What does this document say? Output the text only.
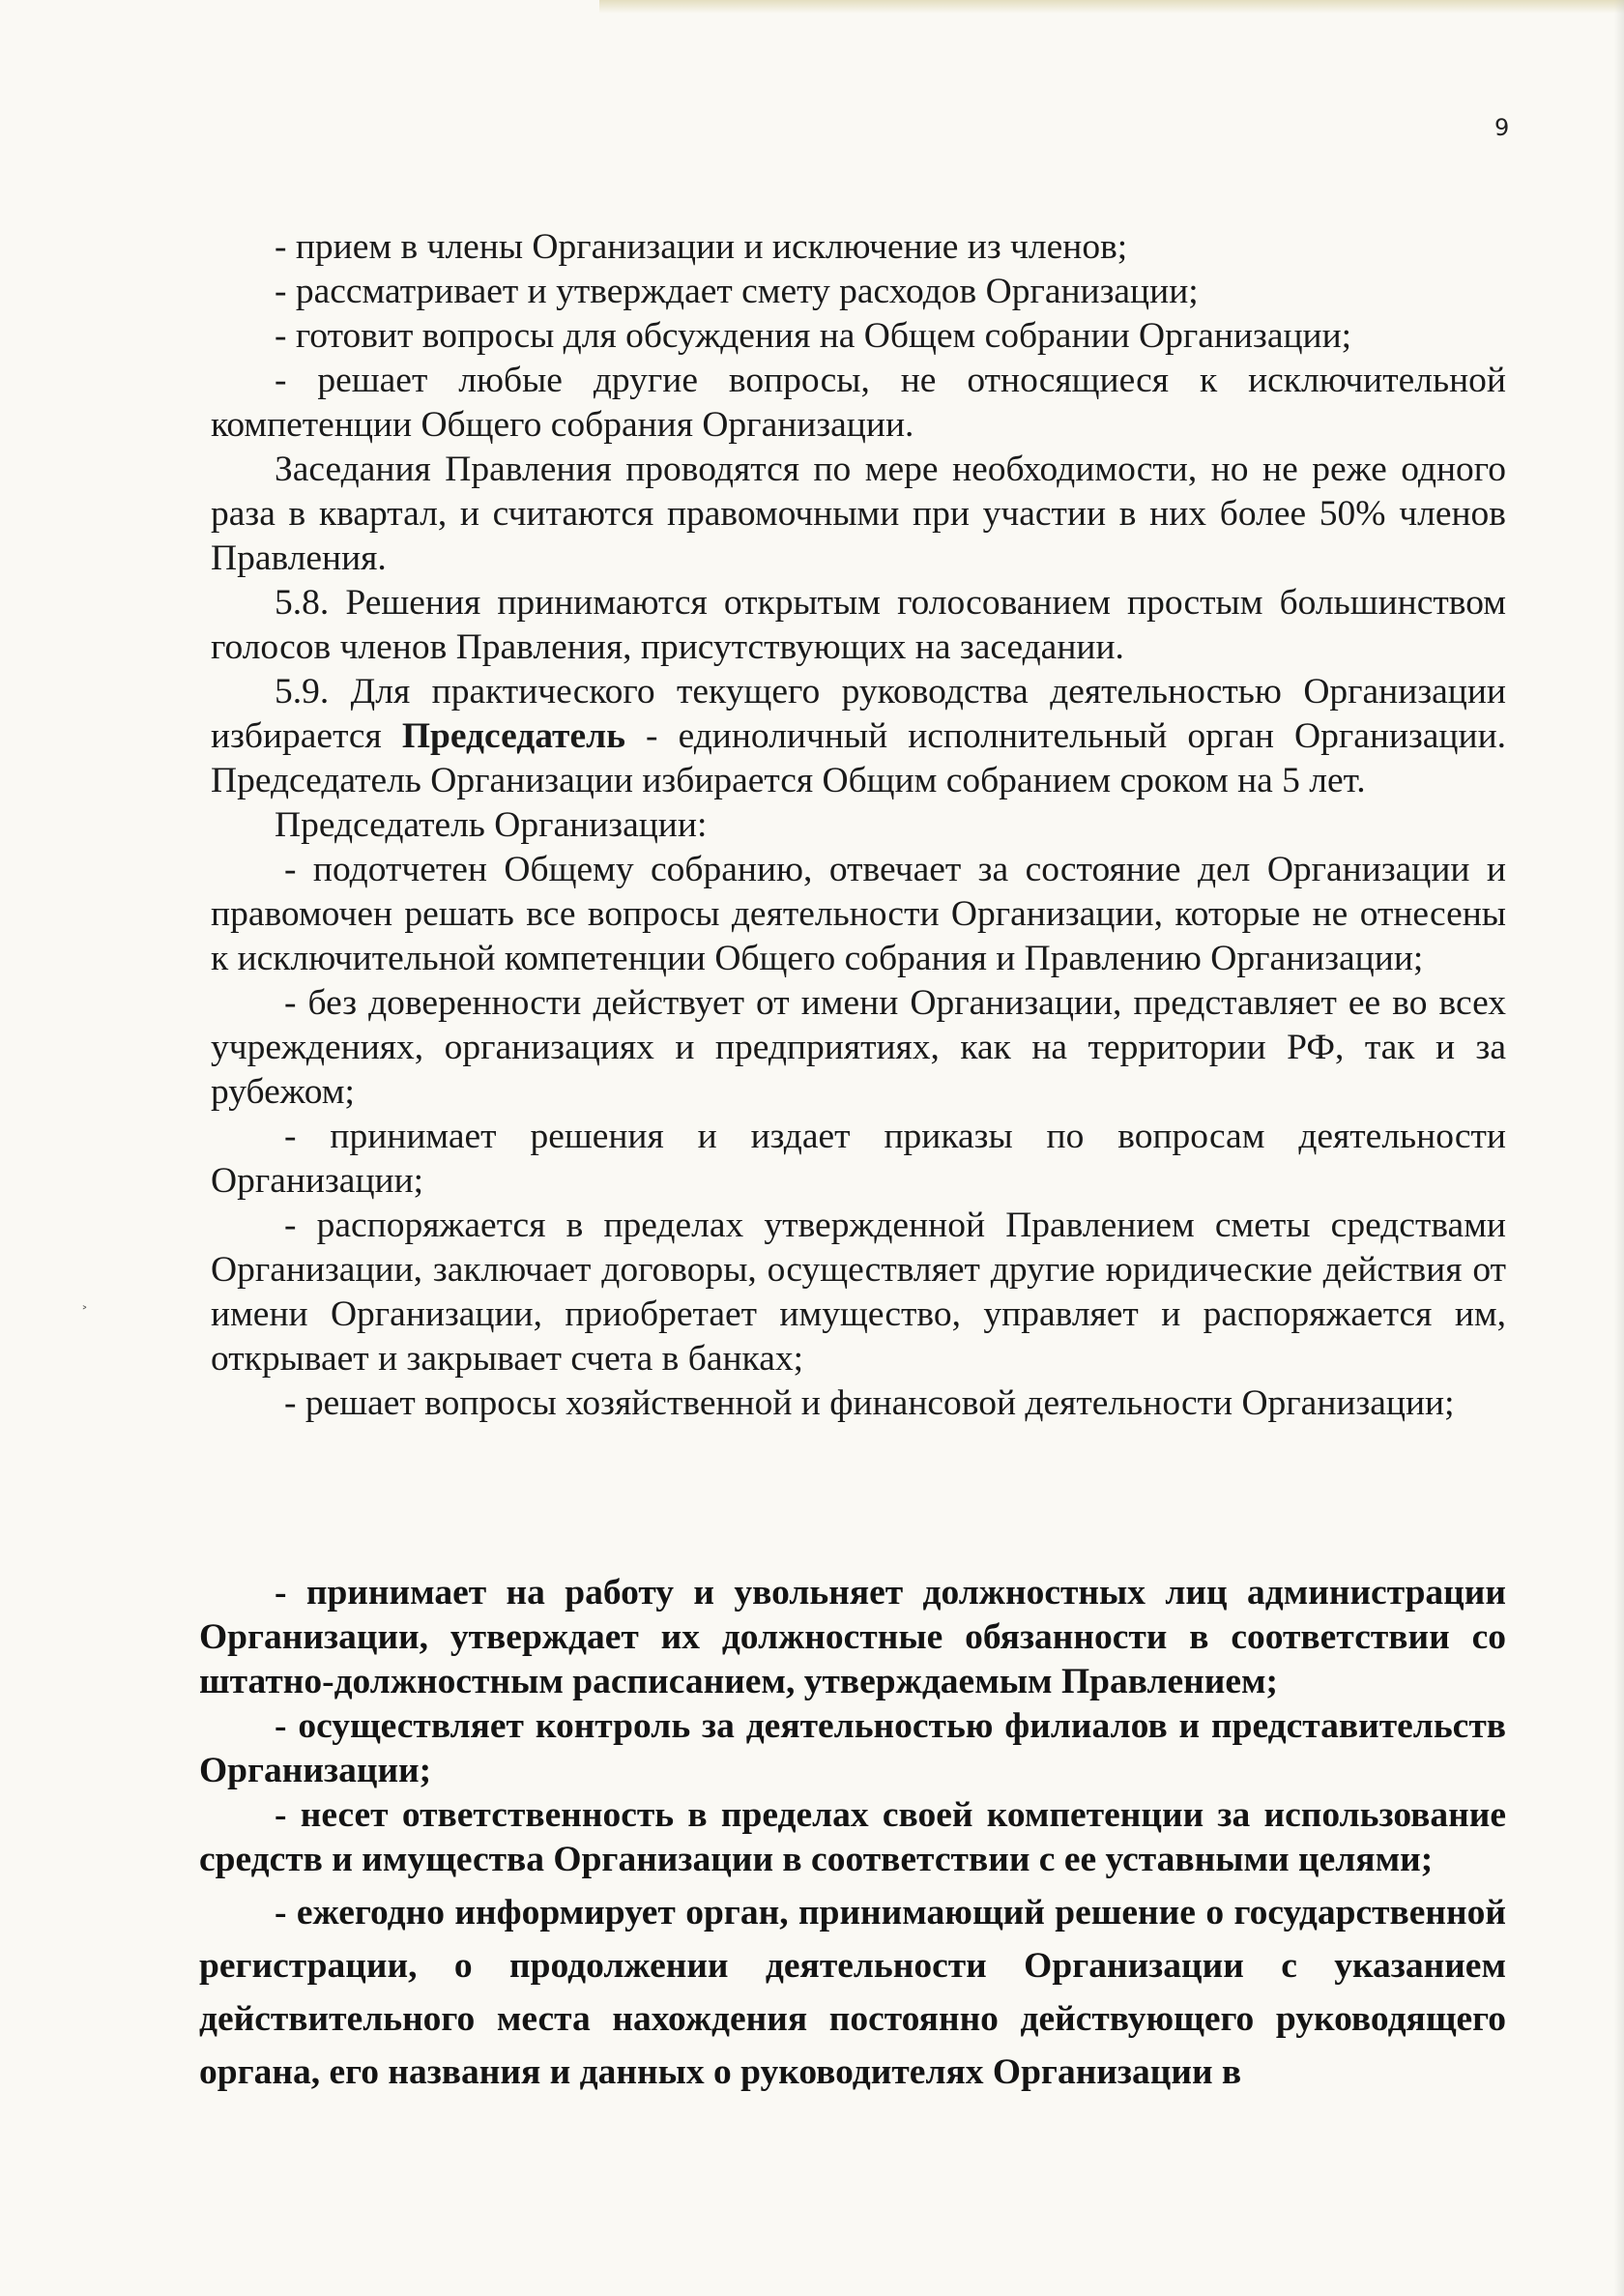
9
˃

- прием в члены Организации и исключение из членов;

- рассматривает и утверждает смету расходов Организации;

- готовит вопросы для обсуждения на Общем собрании Организации;

- решает любые другие вопросы, не относящиеся к исключительной компетенции Общего собрания Организации.

Заседания Правления проводятся по мере необходимости, но не реже одного раза в квартал, и считаются правомочными при участии в них более 50% членов Правления.

5.8. Решения принимаются открытым голосованием простым большинством голосов членов Правления, присутствующих на заседании.

5.9. Для практического текущего руководства деятельностью Организации избирается Председатель - единоличный исполнительный орган Организации. Председатель Организации избирается Общим собранием сроком на 5 лет.

Председатель Организации:

- подотчетен Общему собранию, отвечает за состояние дел Организации и правомочен решать все вопросы деятельности Организации, которые не отнесены к исключительной компетенции Общего собрания и Правлению Организации;

- без доверенности действует от имени Организации, представляет ее во всех учреждениях, организациях и предприятиях, как на территории РФ, так и за рубежом;

- принимает решения и издает приказы по вопросам деятельности Организации;

- распоряжается в пределах утвержденной Правлением сметы средствами Организации, заключает договоры, осуществляет другие юридические действия от имени Организации, приобретает имущество, управляет и распоряжается им, открывает и закрывает счета в банках;

- решает вопросы хозяйственной и финансовой деятельности Организации;

- принимает на работу и увольняет должностных лиц администрации Организации, утверждает их должностные обязанности в соответствии со штатно-должностным расписанием, утверждаемым Правлением;

- осуществляет контроль за деятельностью филиалов и представительств Организации;

- несет ответственность в пределах своей компетенции за использование средств и имущества Организации в соответствии с ее уставными целями;

- ежегодно информирует орган, принимающий решение о государственной регистрации, о продолжении деятельности Организации с указанием действительного места нахождения постоянно действующего руководящего органа, его названия и данных о руководителях Организации в
